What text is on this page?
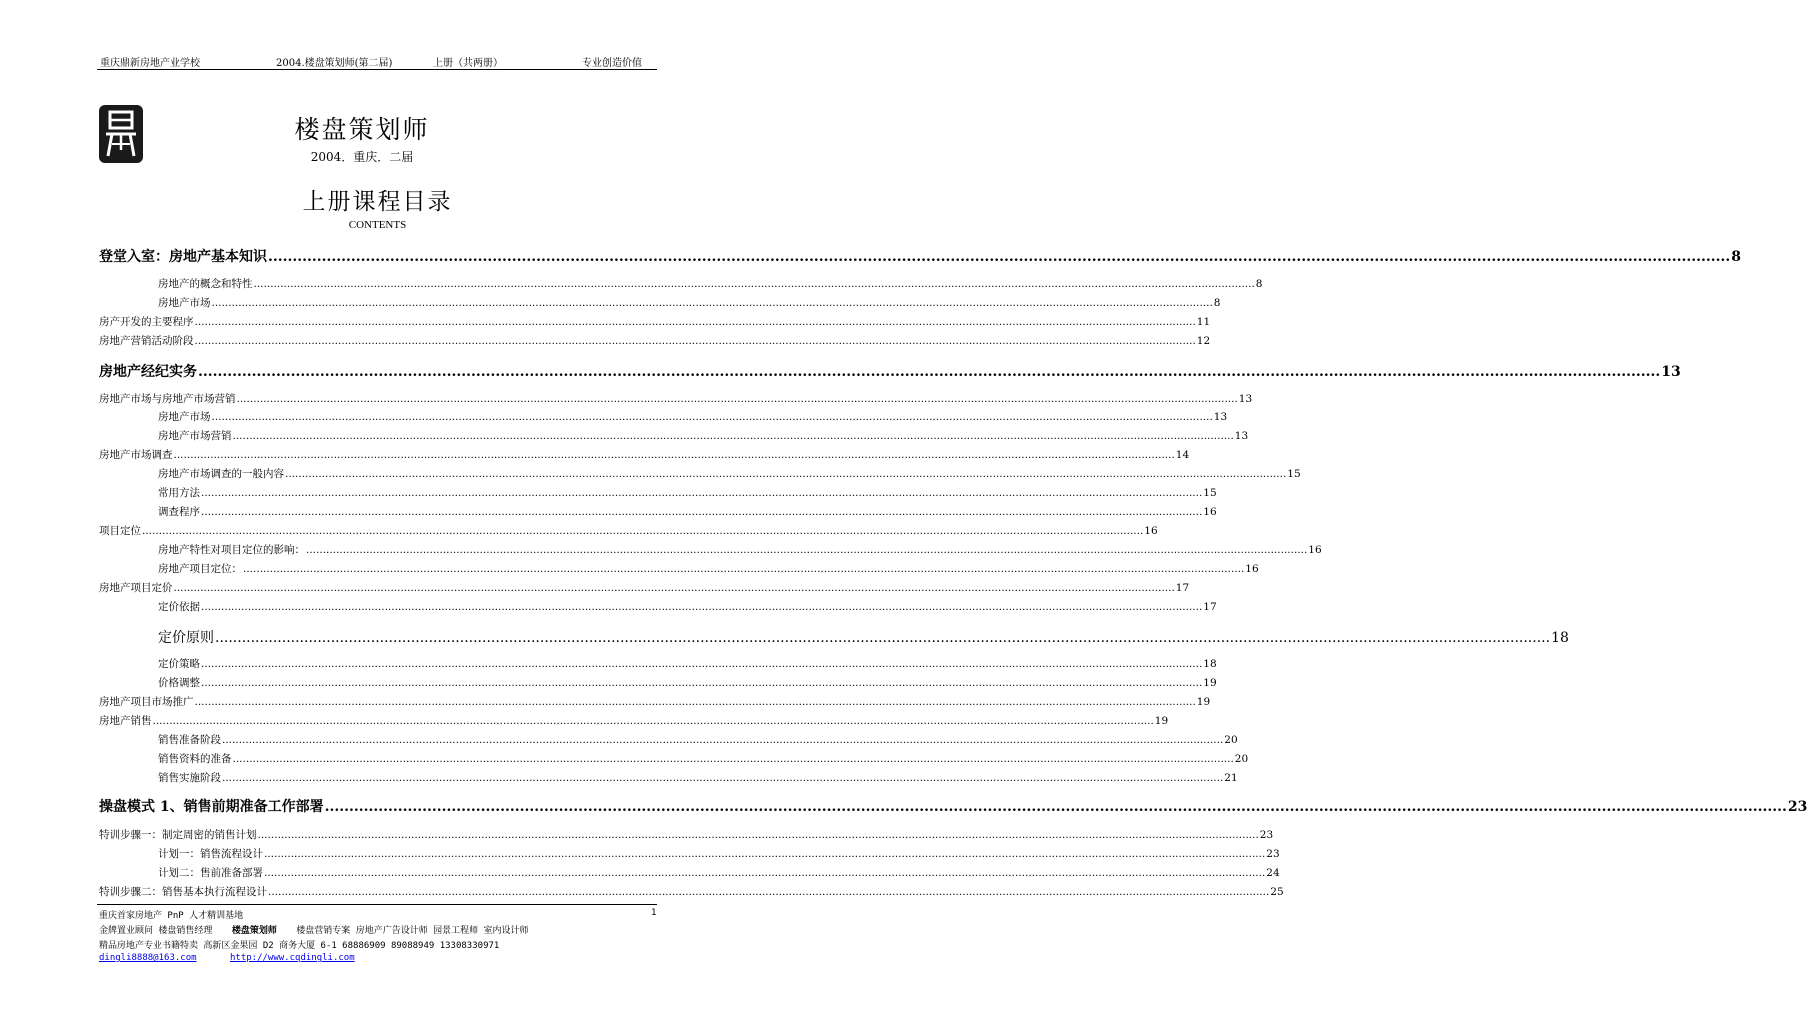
重庆鼎新房地产业学校	2004.楼盘策划师(第二届)	上册（共两册）	专业创造价值
楼盘策划师
2004．重庆．二届
上册课程目录
CONTENTS
登堂入室：房地产基本知识 ............................................................................................................................................................................................................................................................................................................ 8
房地产的概念和特性 ............................................................................................................................................................................................................................................................................................................ 8
房地产市场 ............................................................................................................................................................................................................................................................................................................ 8
房产开发的主要程序 ............................................................................................................................................................................................................................................................................................................ 11
房地产营销活动阶段 ............................................................................................................................................................................................................................................................................................................ 12
房地产经纪实务 ............................................................................................................................................................................................................................................................................................................ 13
房地产市场与房地产市场营销 ............................................................................................................................................................................................................................................................................................................ 13
房地产市场 ............................................................................................................................................................................................................................................................................................................ 13
房地产市场营销 ............................................................................................................................................................................................................................................................................................................ 13
房地产市场调查 ............................................................................................................................................................................................................................................................................................................ 14
房地产市场调查的一般内容 ............................................................................................................................................................................................................................................................................................................ 15
常用方法 ............................................................................................................................................................................................................................................................................................................ 15
调查程序 ............................................................................................................................................................................................................................................................................................................ 16
项目定位 ............................................................................................................................................................................................................................................................................................................ 16
房地产特性对项目定位的影响： ............................................................................................................................................................................................................................................................................................................ 16
房地产项目定位： ............................................................................................................................................................................................................................................................................................................ 16
房地产项目定价 ............................................................................................................................................................................................................................................................................................................ 17
定价依据 ............................................................................................................................................................................................................................................................................................................ 17
定价原则 ............................................................................................................................................................................................................................................................................................................ 18
定价策略 ............................................................................................................................................................................................................................................................................................................ 18
价格调整 ............................................................................................................................................................................................................................................................................................................ 19
房地产项目市场推广 ............................................................................................................................................................................................................................................................................................................ 19
房地产销售 ............................................................................................................................................................................................................................................................................................................ 19
销售准备阶段 ............................................................................................................................................................................................................................................................................................................ 20
销售资料的准备 ............................................................................................................................................................................................................................................................................................................ 20
销售实施阶段 ............................................................................................................................................................................................................................................................................................................ 21
操盘模式 1、销售前期准备工作部署 ............................................................................................................................................................................................................................................................................................................ 23
特训步骤一：制定周密的销售计划 ............................................................................................................................................................................................................................................................................................................ 23
计划一：销售流程设计 ............................................................................................................................................................................................................................................................................................................ 23
计划二：售前准备部署 ............................................................................................................................................................................................................................................................................................................ 24
特训步骤二：销售基本执行流程设计 ............................................................................................................................................................................................................................................................................................................ 25
重庆首家房地产 PnP 人才精训基地	1
金牌置业顾问 楼盘销售经理 楼盘策划师 楼盘营销专案 房地产广告设计师 园景工程师 室内设计师
精品房地产专业书籍特卖 高新区金果园 D2 商务大厦 6-1 68886909 89088949 13308330971
dingli8888@163.com	http://www.cqdingli.com
